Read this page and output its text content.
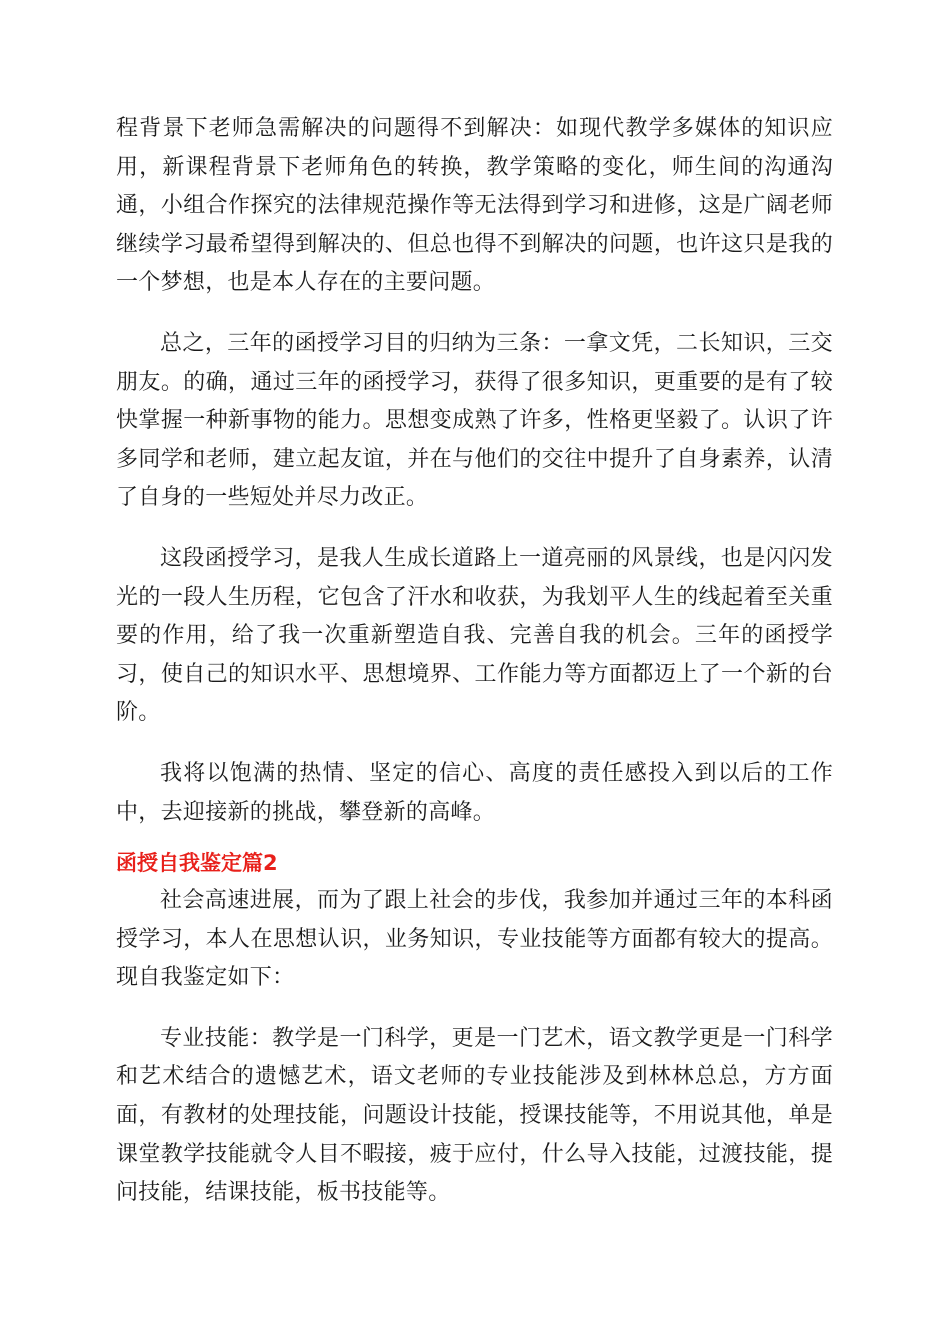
程背景下老师急需解决的问题得不到解决：如现代教学多媒体的知识应用，新课程背景下老师角色的转换，教学策略的变化，师生间的沟通沟通，小组合作探究的法律规范操作等无法得到学习和进修，这是广阔老师继续学习最希望得到解决的、但总也得不到解决的问题，也许这只是我的一个梦想，也是本人存在的主要问题。

总之，三年的函授学习目的归纳为三条：一拿文凭，二长知识，三交朋友。的确，通过三年的函授学习，获得了很多知识，更重要的是有了较快掌握一种新事物的能力。思想变成熟了许多，性格更坚毅了。认识了许多同学和老师，建立起友谊，并在与他们的交往中提升了自身素养，认清了自身的一些短处并尽力改正。

这段函授学习，是我人生成长道路上一道亮丽的风景线，也是闪闪发光的一段人生历程，它包含了汗水和收获，为我划平人生的线起着至关重要的作用，给了我一次重新塑造自我、完善自我的机会。三年的函授学习，使自己的知识水平、思想境界、工作能力等方面都迈上了一个新的台阶。

我将以饱满的热情、坚定的信心、高度的责任感投入到以后的工作中，去迎接新的挑战，攀登新的高峰。

函授自我鉴定篇2

社会高速进展，而为了跟上社会的步伐，我参加并通过三年的本科函授学习，本人在思想认识，业务知识，专业技能等方面都有较大的提高。现自我鉴定如下：

专业技能：教学是一门科学，更是一门艺术，语文教学更是一门科学和艺术结合的遗憾艺术，语文老师的专业技能涉及到林林总总，方方面面，有教材的处理技能，问题设计技能，授课技能等，不用说其他，单是课堂教学技能就令人目不暇接，疲于应付，什么导入技能，过渡技能，提问技能，结课技能，板书技能等。
